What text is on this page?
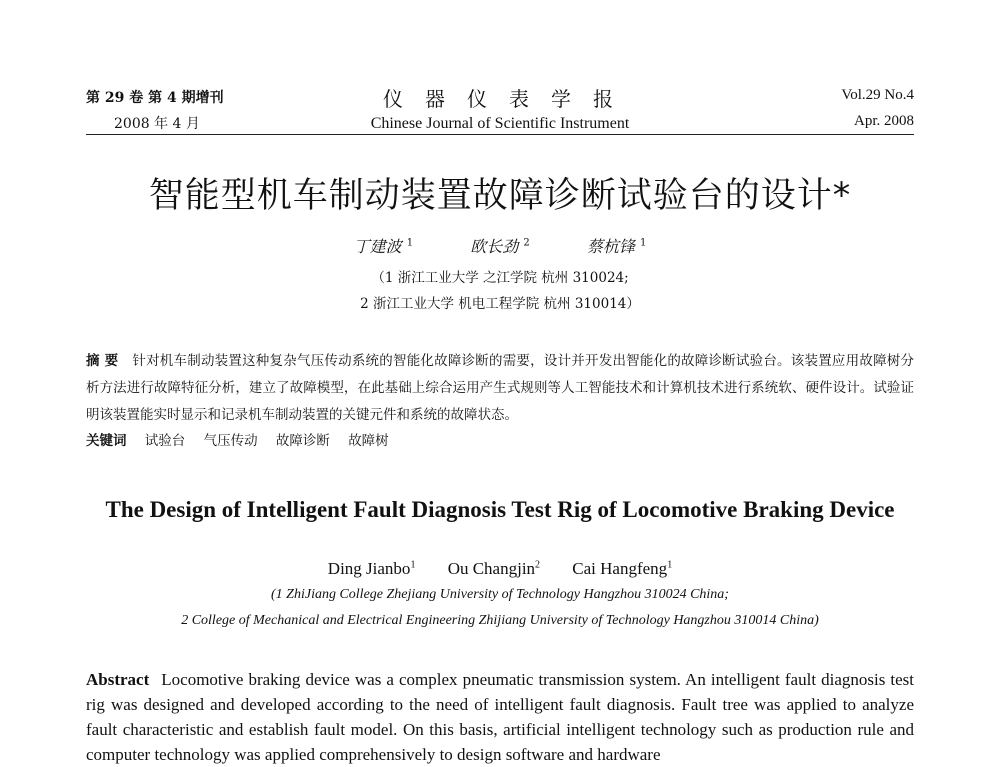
第 29 卷 第 4 期增刊	仪器仪表学报	Vol.29 No.4
2008 年 4 月	Chinese Journal of Scientific Instrument	Apr. 2008
智能型机车制动装置故障诊断试验台的设计*
丁建波 $^1$	欧长劲 $^2$	蔡杭锋 $^1$
（1 浙江工业大学 之江学院 杭州 310024;
2 浙江工业大学 机电工程学院 杭州 310014）
摘 要 针对机车制动装置这种复杂气压传动系统的智能化故障诊断的需要，设计并开发出智能化的故障诊断试验台。该装置应用故障树分析方法进行故障特征分析，建立了故障模型，在此基础上综合运用产生式规则等人工智能技术和计算机技术进行系统软、硬件设计。试验证明该装置能实时显示和记录机车制动装置的关键元件和系统的故障状态。
关键词 试验台 气压传动 故障诊断 故障树
The Design of Intelligent Fault Diagnosis Test Rig of Locomotive Braking Device
Ding Jianbo$^1$ Ou Changjin$^2$ Cai Hangfeng$^1$
(1 ZhiJiang College Zhejiang University of Technology Hangzhou 310024 China;
2 College of Mechanical and Electrical Engineering Zhijiang University of Technology Hangzhou 310014 China)
Abstract Locomotive braking device was a complex pneumatic transmission system. An intelligent fault diagnosis test rig was designed and developed according to the need of intelligent fault diagnosis. Fault tree was applied to analyze fault characteristic and establish fault model. On this basis, artificial intelligent technology such as production rule and computer technology was applied comprehensively to design software and hardware
